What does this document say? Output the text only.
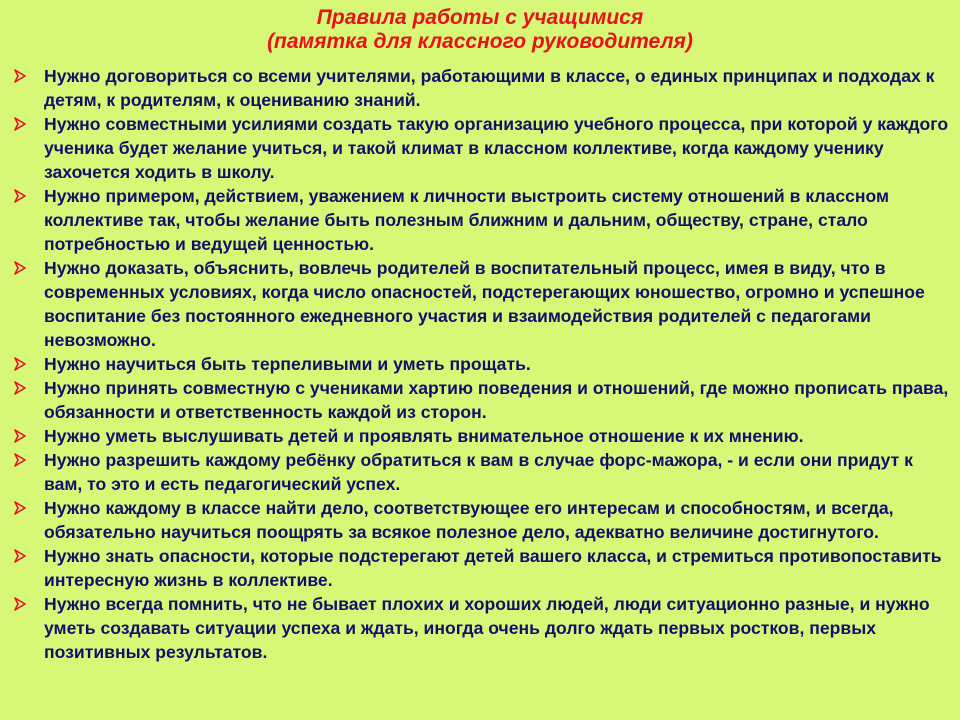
Правила работы с учащимися
(памятка для классного руководителя)
Нужно договориться со всеми учителями, работающими в классе, о единых принципах и подходах к детям, к родителям, к оцениванию знаний.
Нужно совместными усилиями создать такую организацию учебного процесса, при которой у каждого ученика будет желание учиться, и такой климат в классном коллективе, когда каждому ученику захочется ходить в школу.
Нужно примером, действием, уважением к личности выстроить систему отношений в классном коллективе так, чтобы желание быть полезным ближним и дальним, обществу, стране, стало потребностью и ведущей ценностью.
Нужно доказать, объяснить, вовлечь родителей в воспитательный процесс, имея в виду, что в современных условиях, когда число опасностей, подстерегающих юношество, огромно и успешное воспитание без постоянного ежедневного участия и взаимодействия родителей с педагогами невозможно.
Нужно научиться быть терпеливыми и уметь прощать.
Нужно принять совместную с учениками хартию поведения и отношений, где можно прописать права, обязанности и ответственность каждой из сторон.
Нужно уметь выслушивать детей и проявлять внимательное отношение к их мнению.
Нужно разрешить каждому ребёнку обратиться к вам в случае форс-мажора, - и если они придут к вам, то это и есть педагогический успех.
Нужно каждому в классе найти дело, соответствующее его интересам и способностям, и всегда, обязательно научиться поощрять за всякое полезное дело, адекватно величине достигнутого.
Нужно знать опасности, которые подстерегают детей вашего класса, и стремиться противопоставить интересную жизнь в коллективе.
Нужно всегда помнить, что не бывает плохих и хороших людей, люди ситуационно разные, и нужно уметь создавать ситуации успеха и ждать, иногда очень долго ждать первых ростков, первых позитивных результатов.
